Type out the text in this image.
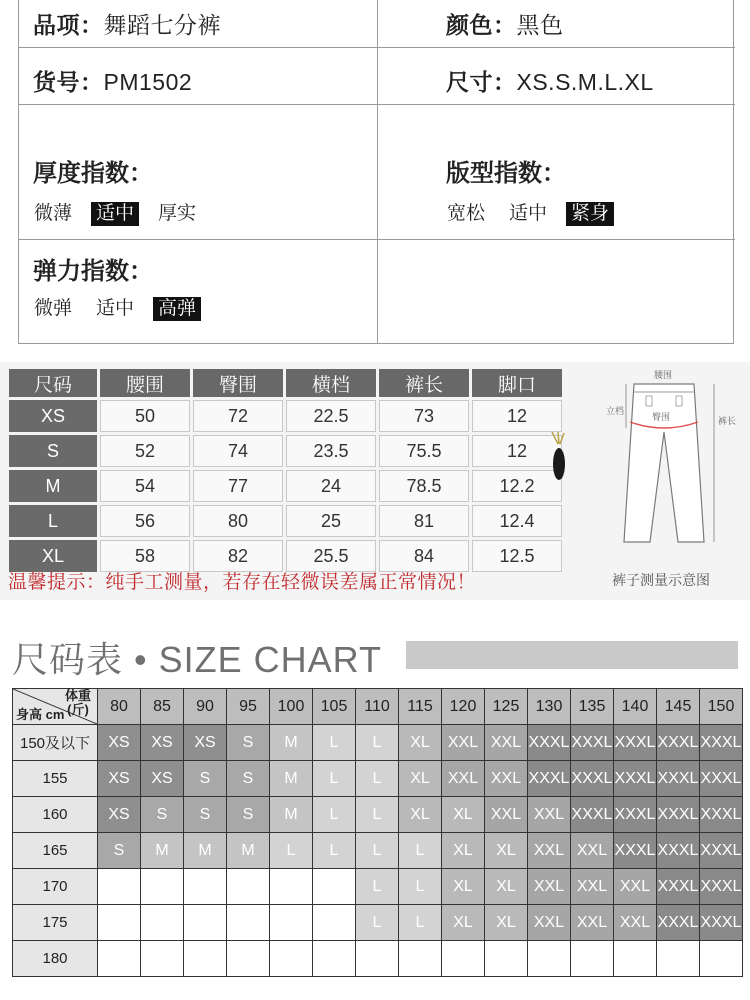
品项：舞蹈七分裤	颜色：黑色
货号：PM1502	尺寸：XS.S.M.L.XL
厚度指数：
微薄 适中 厚实
版型指数：
宽松 适中 紧身
弹力指数：
微弹 适中 高弹
尺码	腰围	臀围	横档	裤长	脚口
XS	50	72	22.5	73	12
S	52	74	23.5	75.5	12
M	54	77	24	78.5	12.2
L	56	80	25	81	12.4
XL	58	82	25.5	84	12.5
腰围
臀围
立档
裤长
温馨提示：纯手工测量，若存在轻微误差属正常情况！	裤子测量示意图
尺码表 • SIZE CHART
体重
(斤)
身高 cm	80	85	90	95	100	105	110	115	120	125	130	135	140	145	150
150及以下	XS	XS	XS	S	M	L	L	XL	XXL	XXL	XXXL	XXXL	XXXL	XXXL	XXXL
155	XS	XS	S	S	M	L	L	XL	XXL	XXL	XXXL	XXXL	XXXL	XXXL	XXXL
160	XS	S	S	S	M	L	L	XL	XL	XXL	XXL	XXXL	XXXL	XXXL	XXXL
165	S	M	M	M	L	L	L	L	XL	XL	XXL	XXL	XXXL	XXXL	XXXL
170							L	L	XL	XL	XXL	XXL	XXL	XXXL	XXXL
175							L	L	XL	XL	XXL	XXL	XXL	XXXL	XXXL
180															
